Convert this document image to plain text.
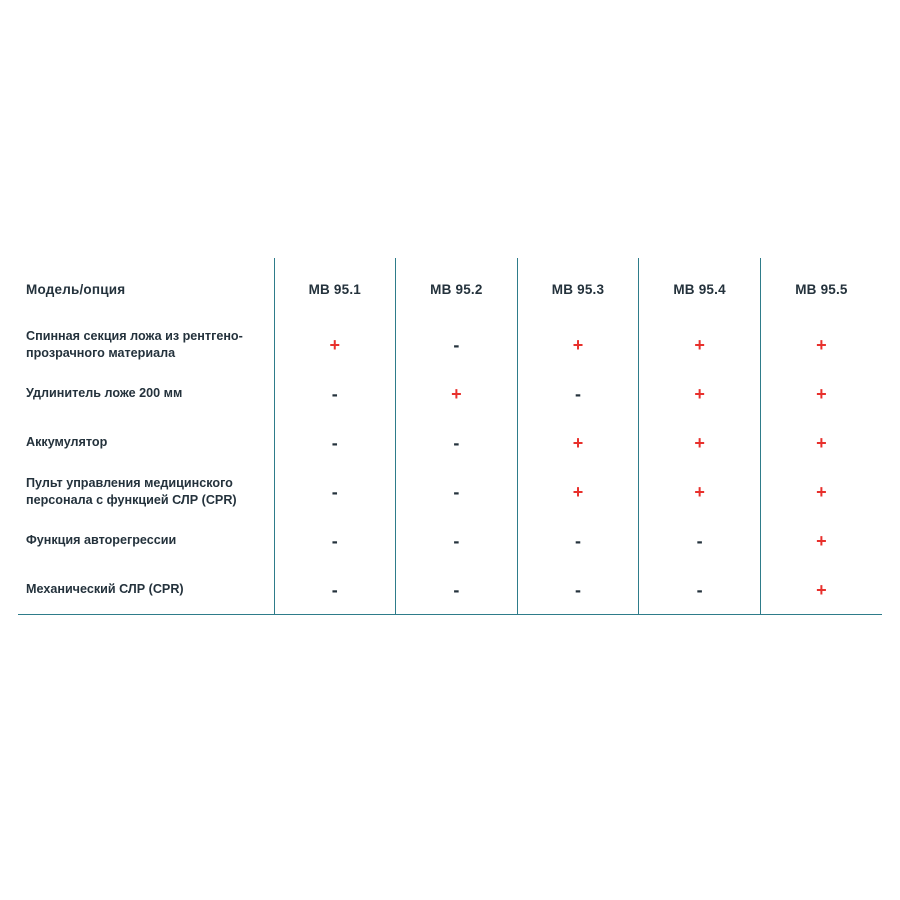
Модель/опция	MB 95.1	MB 95.2	MB 95.3	MB 95.4	MB 95.5

Спинная секция ложа из рентгено-
прозрачного материала	+	-	+	+	+

Удлинитель ложе 200 мм	-	+	-	+	+

Аккумулятор	-	-	+	+	+

Пульт управления медицинского
персонала с функцией СЛР (CPR)	-	-	+	+	+

Функция авторегрессии	-	-	-	-	+

Механический СЛР (CPR)	-	-	-	-	+
